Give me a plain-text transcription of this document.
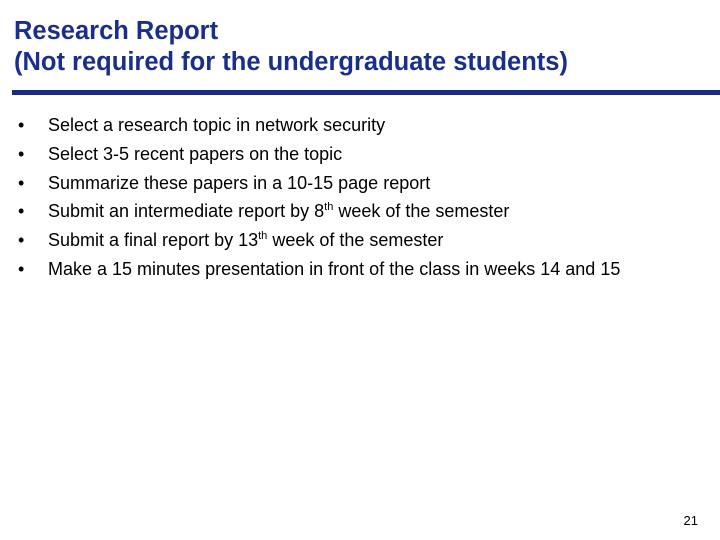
Research Report
(Not required for the undergraduate students)
• Select a research topic in network security
• Select 3-5 recent papers on the topic
• Summarize these papers in a 10-15 page report
• Submit an intermediate report by 8th week of the semester
• Submit a final report by 13th week of the semester
• Make a 15 minutes presentation in front of the class in weeks 14 and 15
21
